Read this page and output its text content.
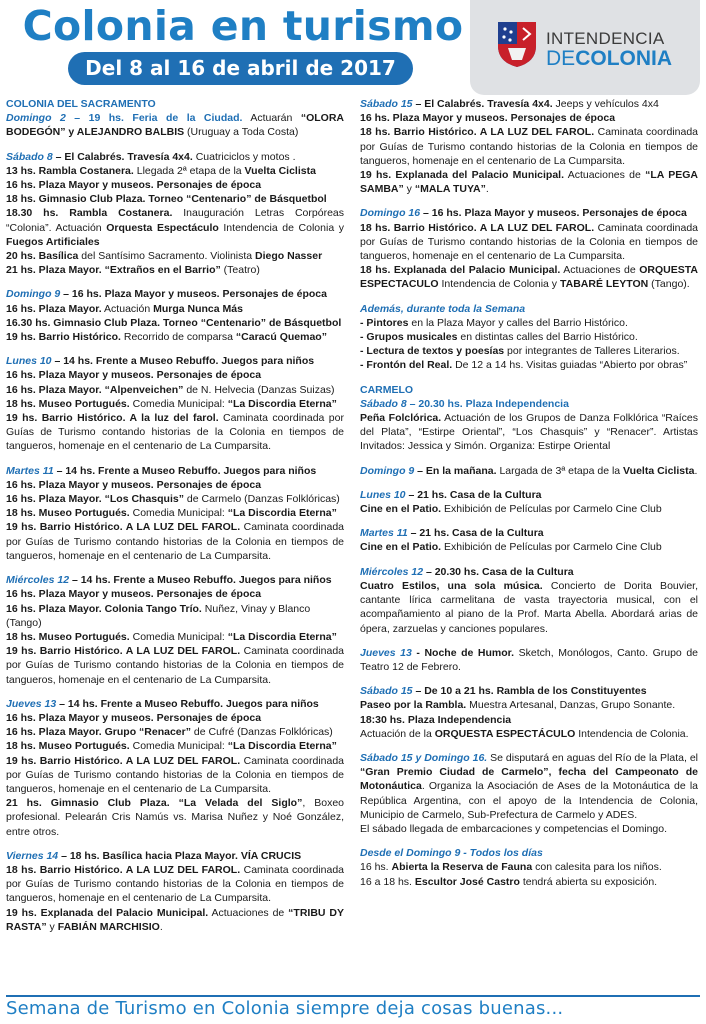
Colonia en turismo
Del 8 al 16 de abril de 2017
INTENDENCIA
DECOLONIA
COLONIA DEL SACRAMENTO
Domingo 2 – 19 hs. Feria de la Ciudad. Actuarán “OLORA BODEGÓN” y ALEJANDRO BALBIS (Uruguay a Toda Costa)
Sábado 8 – El Calabrés. Travesía 4x4. Cuatriciclos y motos .
13 hs. Rambla Costanera. Llegada 2ª etapa de la Vuelta Ciclista
16 hs. Plaza Mayor y museos. Personajes de época
18 hs. Gimnasio Club Plaza. Torneo “Centenario” de Básquetbol
18.30 hs. Rambla Costanera. Inauguración Letras Corpóreas “Colonia”. Actuación Orquesta Espectáculo Intendencia de Colonia y Fuegos Artificiales
20 hs. Basílica del Santísimo Sacramento. Violinista Diego Nasser
21 hs. Plaza Mayor. “Extraños en el Barrio” (Teatro)
Domingo 9 – 16 hs. Plaza Mayor y museos. Personajes de época
16 hs. Plaza Mayor. Actuación Murga Nunca Más
16.30 hs. Gimnasio Club Plaza. Torneo “Centenario” de Básquetbol
19 hs. Barrio Histórico. Recorrido de comparsa “Caracú Quemao”
Lunes 10 – 14 hs. Frente a Museo Rebuffo. Juegos para niños
16 hs. Plaza Mayor y museos. Personajes de época
16 hs. Plaza Mayor. “Alpenveichen” de N. Helvecia (Danzas Suizas)
18 hs. Museo Portugués. Comedia Municipal: “La Discordia Eterna”
19 hs. Barrio Histórico. A la luz del farol. Caminata coordinada por Guías de Turismo contando historias de la Colonia en tiempos de tangueros, homenaje en el centenario de La Cumparsita.
Martes 11 – 14 hs. Frente a Museo Rebuffo. Juegos para niños
16 hs. Plaza Mayor y museos. Personajes de época
16 hs. Plaza Mayor. “Los Chasquis” de Carmelo (Danzas Folklóricas)
18 hs. Museo Portugués. Comedia Municipal: “La Discordia Eterna”
19 hs. Barrio Histórico. A LA LUZ DEL FAROL. Caminata coordinada por Guías de Turismo contando historias de la Colonia en tiempos de tangueros, homenaje en el centenario de La Cumparsita.
Miércoles 12 – 14 hs. Frente a Museo Rebuffo. Juegos para niños
16 hs. Plaza Mayor y museos. Personajes de época
16 hs. Plaza Mayor. Colonia Tango Trío. Nuñez, Vinay y Blanco (Tango)
18 hs. Museo Portugués. Comedia Municipal: “La Discordia Eterna”
19 hs. Barrio Histórico. A LA LUZ DEL FAROL. Caminata coordinada por Guías de Turismo contando historias de la Colonia en tiempos de tangueros, homenaje en el centenario de La Cumparsita.
Jueves 13 – 14 hs. Frente a Museo Rebuffo. Juegos para niños
16 hs. Plaza Mayor y museos. Personajes de época
16 hs. Plaza Mayor. Grupo “Renacer” de Cufré (Danzas Folklóricas)
18 hs. Museo Portugués. Comedia Municipal: “La Discordia Eterna”
19 hs. Barrio Histórico. A LA LUZ DEL FAROL. Caminata coordinada por Guías de Turismo contando historias de la Colonia en tiempos de tangueros, homenaje en el centenario de La Cumparsita.
21 hs. Gimnasio Club Plaza. “La Velada del Siglo”, Boxeo profesional. Pelearán Cris Namús vs. Marisa Nuñez y Noé González, entre otros.
Viernes 14 – 18 hs. Basílica hacia Plaza Mayor. VÍA CRUCIS
18 hs. Barrio Histórico. A LA LUZ DEL FAROL. Caminata coordinada por Guías de Turismo contando historias de la Colonia en tiempos de tangueros, homenaje en el centenario de La Cumparsita.
19 hs. Explanada del Palacio Municipal. Actuaciones de “TRIBU DY RASTA” y FABIÁN MARCHISIO.
Sábado 15 – El Calabrés. Travesía 4x4. Jeeps y vehículos 4x4
16 hs. Plaza Mayor y museos. Personajes de época
18 hs. Barrio Histórico. A LA LUZ DEL FAROL. Caminata coordinada por Guías de Turismo contando historias de la Colonia en tiempos de tangueros, homenaje en el centenario de La Cumparsita.
19 hs. Explanada del Palacio Municipal. Actuaciones de “LA PEGA SAMBA” y “MALA TUYA”.
Domingo 16 – 16 hs. Plaza Mayor y museos. Personajes de época
18 hs. Barrio Histórico. A LA LUZ DEL FAROL. Caminata coordinada por Guías de Turismo contando historias de la Colonia en tiempos de tangueros, homenaje en el centenario de La Cumparsita.
18 hs. Explanada del Palacio Municipal. Actuaciones de ORQUESTA ESPECTACULO Intendencia de Colonia y TABARÉ LEYTON (Tango).
Además, durante toda la Semana
- Pintores en la Plaza Mayor y calles del Barrio Histórico.
- Grupos musicales en distintas calles del Barrio Histórico.
- Lectura de textos y poesías por integrantes de Talleres Literarios.
- Frontón del Real. De 12 a 14 hs. Visitas guiadas “Abierto por obras”
CARMELO
Sábado 8 – 20.30 hs. Plaza Independencia
Peña Folclórica. Actuación de los Grupos de Danza Folklórica “Raíces del Plata”, “Estirpe Oriental”, “Los Chasquis” y “Renacer”. Artistas Invitados: Jessica y Simón. Organiza: Estirpe Oriental
Domingo 9 – En la mañana. Largada de 3ª etapa de la Vuelta Ciclista.
Lunes 10 – 21 hs. Casa de la Cultura
Cine en el Patio. Exhibición de Películas por Carmelo Cine Club
Martes 11 – 21 hs. Casa de la Cultura
Cine en el Patio. Exhibición de Películas por Carmelo Cine Club
Miércoles 12 – 20.30 hs. Casa de la Cultura
Cuatro Estilos, una sola música. Concierto de Dorita Bouvier, cantante lírica carmelitana de vasta trayectoria musical, con el acompañamiento al piano de la Prof. Marta Abella. Abordará arias de ópera, zarzuelas y canciones populares.
Jueves 13 - Noche de Humor. Sketch, Monólogos, Canto. Grupo de Teatro 12 de Febrero.
Sábado 15 – De 10 a 21 hs. Rambla de los Constituyentes
Paseo por la Rambla. Muestra Artesanal, Danzas, Grupo Sonante.
18:30 hs. Plaza Independencia
Actuación de la ORQUESTA ESPECTÁCULO Intendencia de Colonia.
Sábado 15 y Domingo 16. Se disputará en aguas del Río de la Plata, el “Gran Premio Ciudad de Carmelo”, fecha del Campeonato de Motonáutica. Organiza la Asociación de Ases de la Motonáutica de la República Argentina, con el apoyo de la Intendencia de Colonia, Municipio de Carmelo, Sub-Prefectura de Carmelo y ADES.
El sábado llegada de embarcaciones y competencias el Domingo.
Desde el Domingo 9 - Todos los días
16 hs. Abierta la Reserva de Fauna con calesita para los niños.
16 a 18 hs. Escultor José Castro tendrá abierta su exposición.
Semana de Turismo en Colonia siempre deja cosas buenas...
